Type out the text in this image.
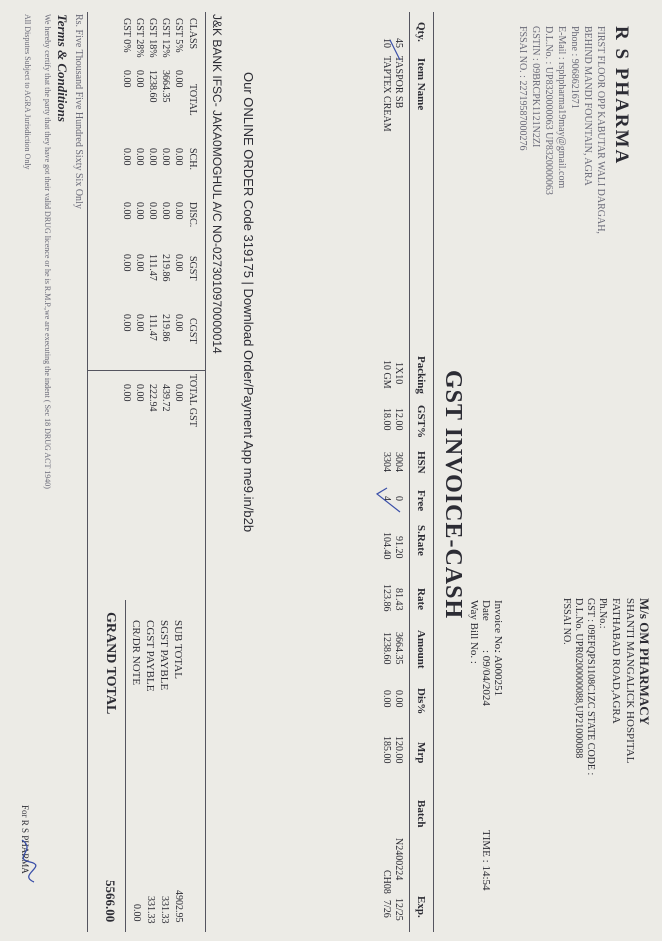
R S PHARMA
FIRST FLOOR OPP KABUTAR WALI DARGAH,
BEHIND MANDI FOUNTAIN, AGRA
Phone : 9068621671
E-Mail : rsphpharma19may@gmail.com
D.L.No. : UP8320000063 UP8320000063
GSTIN : 09BRCPK1121N2ZI
FSSAI NO. : 22719587000276
GST INVOICE-CASH
M/s OM PHARMACY
SHANTI MANGALICK HOSPITAL
FATHABAD ROAD,AGRA
Ph.No.:
GST : 09EFQPS1108C1ZC STATE CODE :
D.L.No. UPR0200000088,UP21000088
FSSAI NO.
Invoice No.
: A000251
Date
: 09/04/2024
TIME : 14:54
Way Bill No. :
Qty.
Item Name
Packing
GST%
HSN
Free
S.Rate
Rate
Amount
Dis%
Mrp
Batch
Exp.
45
TASPOR SB
1X10
12.00
3004
0
91.20
81.43
3664.35
0.00
120.00
N2400224
12/25
10
TAPTEX CREAM
10 GM
18.00
3304
4
104.40
123.86
1238.60
0.00
185.00
CH08
7/26
Our ONLINE ORDER Code 319175 | Download Order/Payment App me9.in/b2b
J&K BANK IFSC- JAKA0MOGHUL A/C NO-0273010970000014
CLASS
TOTAL
SCH.
DISC.
SGST
CGST
TOTAL GST
GST 5%
0.00
0.00
0.00
0.00
0.00
0.00
GST 12%
3664.35
0.00
0.00
219.86
219.86
439.72
GST 18%
1238.60
0.00
0.00
111.47
111.47
222.94
GST 28%
0.00
0.00
0.00
0.00
0.00
0.00
GST 0%
0.00
0.00
0.00
0.00
0.00
0.00
SUB TOTAL
4902.95
SGST PAYBLE
331.33
CGST PAYBLE
331.33
CR/DR NOTE
0.00
GRAND TOTAL
5566.00
Rs. Five Thousand Five Hundred Sixty Six Only
Terms & Conditions
We hereby certify that the party that they have got their valid DRUG licence or he is R.M.P.,we are executing the indent ( Sec 18 DRUG ACT 1940)
All Disputes Subject to AGRA Jurisdiction Only
For R S PHARMA
